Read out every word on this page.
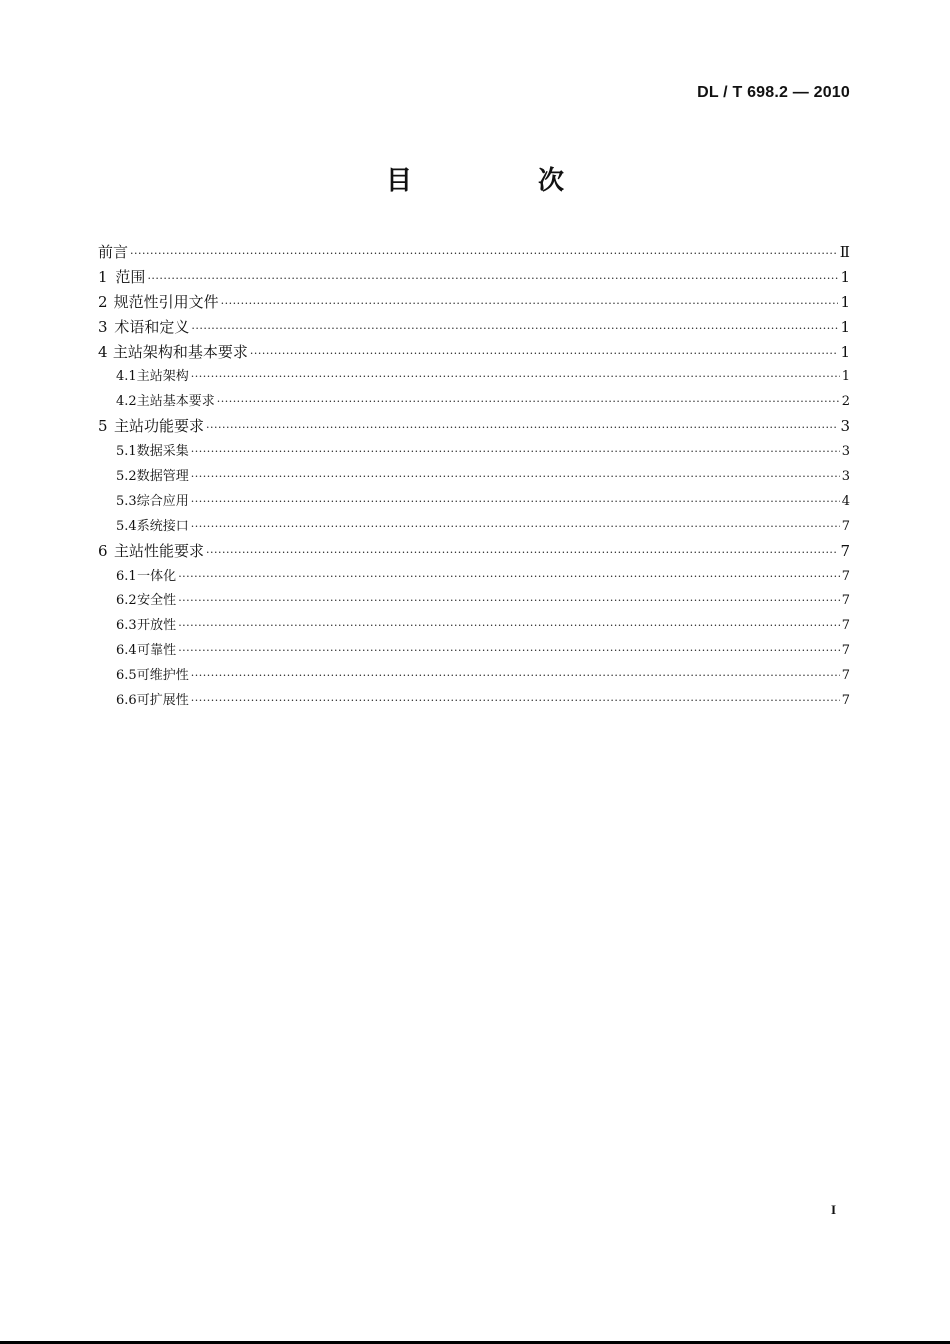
DL / T 698.2 — 2010
目　次
前言 ·····	Ⅱ
1 范围 ·····	1
2 规范性引用文件 ·····	1
3 术语和定义 ·····	1
4 主站架构和基本要求 ·····	1
4.1 主站架构 ·····	1
4.2 主站基本要求 ·····	2
5 主站功能要求 ·····	3
5.1 数据采集 ·····	3
5.2 数据管理 ·····	3
5.3 综合应用 ·····	4
5.4 系统接口 ·····	7
6 主站性能要求 ·····	7
6.1 一体化 ·····	7
6.2 安全性 ·····	7
6.3 开放性 ·····	7
6.4 可靠性 ·····	7
6.5 可维护性 ·····	7
6.6 可扩展性 ·····	7
I
